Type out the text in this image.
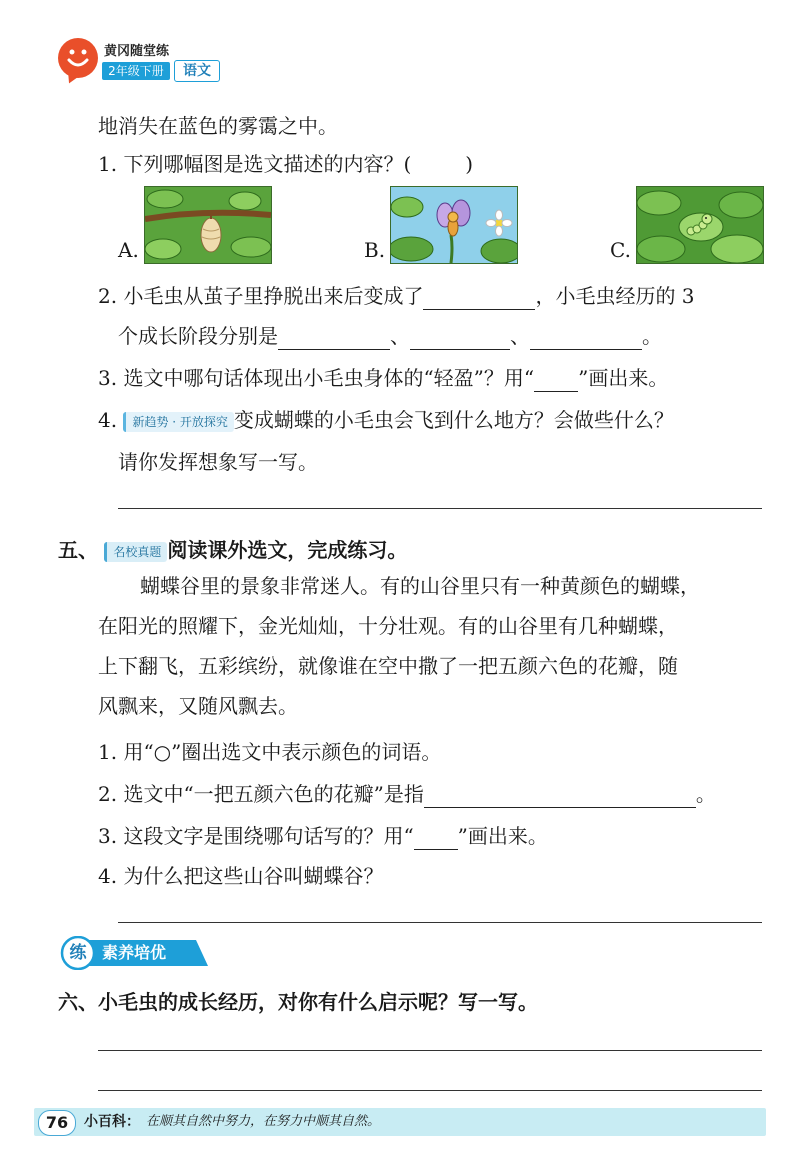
黄冈随堂练
2年级下册	语文
地消失在蓝色的雾霭之中。
1. 下列哪幅图是选文描述的内容？(	)
A.	B.	C.
2. 小毛虫从茧子里挣脱出来后变成了	，小毛虫经历的 3
个成长阶段分别是	、	、	。
3. 选文中哪句话体现出小毛虫身体的“轻盈”？用“ ”画出来。
4. 新趋势 · 开放探究 变成蝴蝶的小毛虫会飞到什么地方？会做些什么？
请你发挥想象写一写。
五、 名校真题 阅读课外选文，完成练习。
蝴蝶谷里的景象非常迷人。有的山谷里只有一种黄颜色的蝴蝶，
在阳光的照耀下，金光灿灿，十分壮观。有的山谷里有几种蝴蝶，
上下翻飞，五彩缤纷，就像谁在空中撒了一把五颜六色的花瓣，随
风飘来，又随风飘去。
1. 用“○”圈出选文中表示颜色的词语。
2. 选文中“一把五颜六色的花瓣”是指	。
3. 这段文字是围绕哪句话写的？用“ ”画出来。
4. 为什么把这些山谷叫蝴蝶谷？
练 素养培优
六、小毛虫的成长经历，对你有什么启示呢？写一写。
76	小百科： 在顺其自然中努力，在努力中顺其自然。
